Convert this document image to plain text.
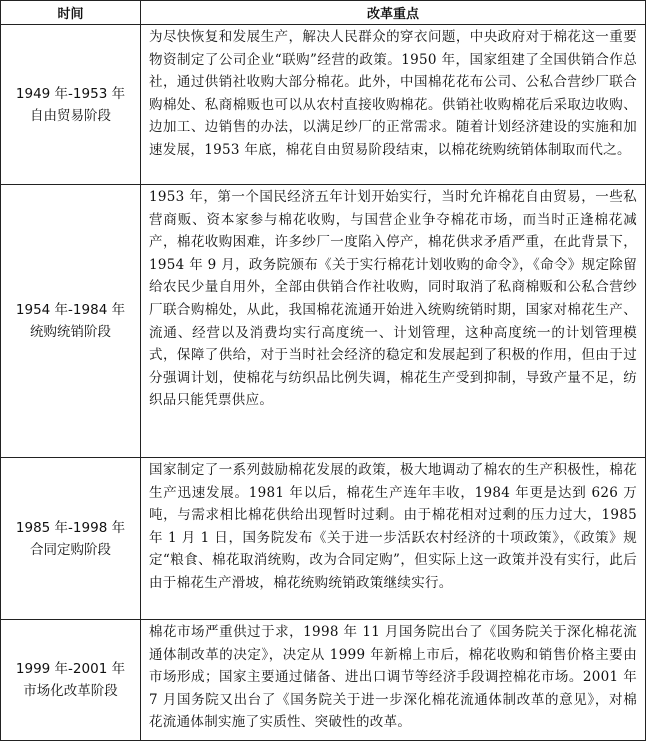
时间	改革重点

1949 年-1953 年
自由贸易阶段	为尽快恢复和发展生产，解决人民群众的穿衣问题，中央政府对于棉花这一重要物资制定了公司企业“联购”经营的政策。1950 年，国家组建了全国供销合作总社，通过供销社收购大部分棉花。此外，中国棉花花布公司、公私合营纱厂联合购棉处、私商棉贩也可以从农村直接收购棉花。供销社收购棉花后采取边收购、边加工、边销售的办法，以满足纱厂的正常需求。随着计划经济建设的实施和加速发展，1953 年底，棉花自由贸易阶段结束，以棉花统购统销体制取而代之。

1954 年-1984 年
统购统销阶段	1953 年，第一个国民经济五年计划开始实行，当时允许棉花自由贸易，一些私营商贩、资本家参与棉花收购，与国营企业争夺棉花市场，而当时正逢棉花减产，棉花收购困难，许多纱厂一度陷入停产，棉花供求矛盾严重，在此背景下，1954 年 9 月，政务院颁布《关于实行棉花计划收购的命令》，《命令》规定除留给农民少量自用外，全部由供销合作社收购，同时取消了私商棉贩和公私合营纱厂联合购棉处，从此，我国棉花流通开始进入统购统销时期，国家对棉花生产、流通、经营以及消费均实行高度统一、计划管理，这种高度统一的计划管理模式，保障了供给，对于当时社会经济的稳定和发展起到了积极的作用，但由于过分强调计划，使棉花与纺织品比例失调，棉花生产受到抑制，导致产量不足，纺织品只能凭票供应。

1985 年-1998 年
合同定购阶段	国家制定了一系列鼓励棉花发展的政策，极大地调动了棉农的生产积极性，棉花生产迅速发展。1981 年以后，棉花生产连年丰收，1984 年更是达到 626 万吨，与需求相比棉花供给出现暂时过剩。由于棉花相对过剩的压力过大，1985 年 1 月 1 日，国务院发布《关于进一步活跃农村经济的十项政策》，《政策》规定“粮食、棉花取消统购，改为合同定购”，但实际上这一政策并没有实行，此后由于棉花生产滑坡，棉花统购统销政策继续实行。

1999 年-2001 年
市场化改革阶段	棉花市场严重供过于求，1998 年 11 月国务院出台了《国务院关于深化棉花流通体制改革的决定》，决定从 1999 年新棉上市后，棉花收购和销售价格主要由市场形成；国家主要通过储备、进出口调节等经济手段调控棉花市场。2001 年 7 月国务院又出台了《国务院关于进一步深化棉花流通体制改革的意见》，对棉花流通体制实施了实质性、突破性的改革。
